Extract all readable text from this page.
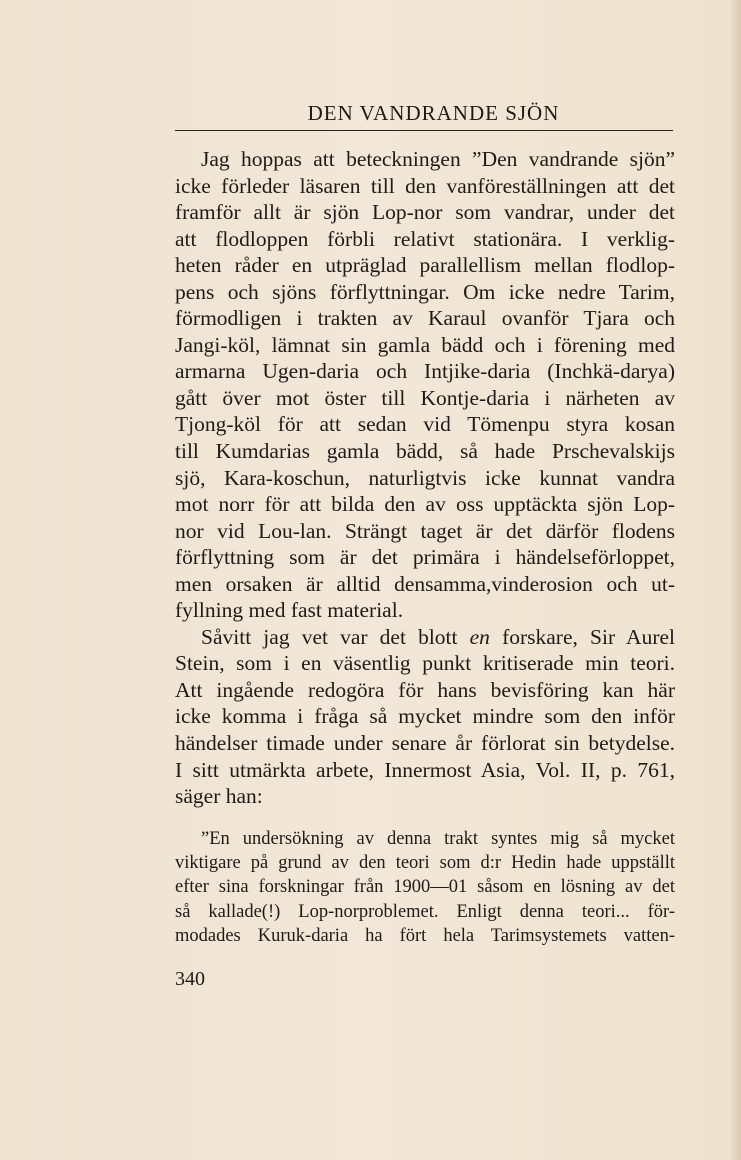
DEN VANDRANDE SJÖN
Jag hoppas att beteckningen ”Den vandrande sjön”
icke förleder läsaren till den vanföreställningen att det
framför allt är sjön Lop-nor som vandrar, under det
att flodloppen förbli relativt stationära. I verklig-
heten råder en utpräglad parallellism mellan flodlop-
pens och sjöns förflyttningar. Om icke nedre Tarim,
förmodligen i trakten av Karaul ovanför Tjara och
Jangi-köl, lämnat sin gamla bädd och i förening med
armarna Ugen-daria och Intjike-daria (Inchkä-darya)
gått över mot öster till Kontje-daria i närheten av
Tjong-köl för att sedan vid Tömenpu styra kosan
till Kumdarias gamla bädd, så hade Prschevalskijs
sjö, Kara-koschun, naturligtvis icke kunnat vandra
mot norr för att bilda den av oss upptäckta sjön Lop-
nor vid Lou-lan. Strängt taget är det därför flodens
förflyttning som är det primära i händelseförloppet,
men orsaken är alltid densamma,vinderosion och ut-
fyllning med fast material.
Såvitt jag vet var det blott en forskare, Sir Aurel
Stein, som i en väsentlig punkt kritiserade min teori.
Att ingående redogöra för hans bevisföring kan här
icke komma i fråga så mycket mindre som den inför
händelser timade under senare år förlorat sin betydelse.
I sitt utmärkta arbete, Innermost Asia, Vol. II, p. 761,
säger han:
”En undersökning av denna trakt syntes mig så mycket
viktigare på grund av den teori som d:r Hedin hade uppställt
efter sina forskningar från 1900—01 såsom en lösning av det
så kallade(!) Lop-norproblemet. Enligt denna teori... för-
modades Kuruk-daria ha fört hela Tarimsystemets vatten-
340
